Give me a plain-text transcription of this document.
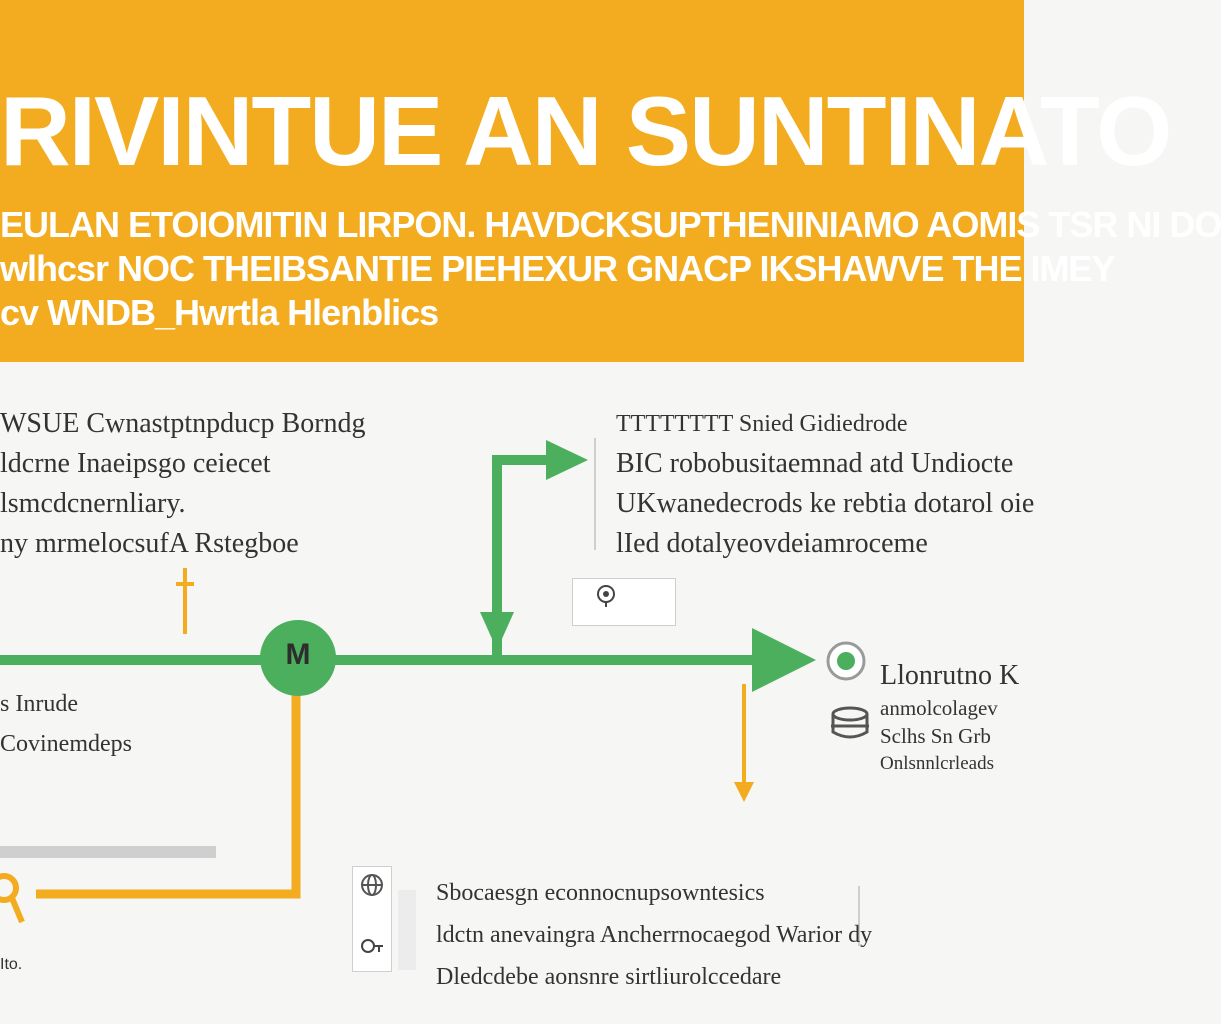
RIVINTUE AN SUNTINATO
EULAN ETOIOMITIN LIRPON. HAVDCKSUPTHENINIAMO AOMIS TSR NI DO
wlhcsr NOC THEIBSANTIE PIEHEXUR GNACP IKSHAWVE THE IMEY
cv WNDB_Hwrtla Hlenblics
M
WSUE Cwnastptnpducp Borndg
ldcrne Inaeipsgo ceiecet
lsmcdcnernliary.
ny mrmelocsufA Rstegboe
TTTTTTTT Snied Gidiedrode
BIC robobusitaemnad atd Undiocte
UKwanedecrods ke rebtia dotarol oie
lIed dotalyeovdeiamroceme
s Inrude
Covinemdeps
Llonrutno K
anmolcolagev
Sclhs Sn Grb
Onlsnnlcrleads
Sbocaesgn econnocnupsowntesics
ldctn anevaingra Ancherrnocaegod Warior dy
Dledcdebe aonsnre sirtliurolccedare
Ito.
